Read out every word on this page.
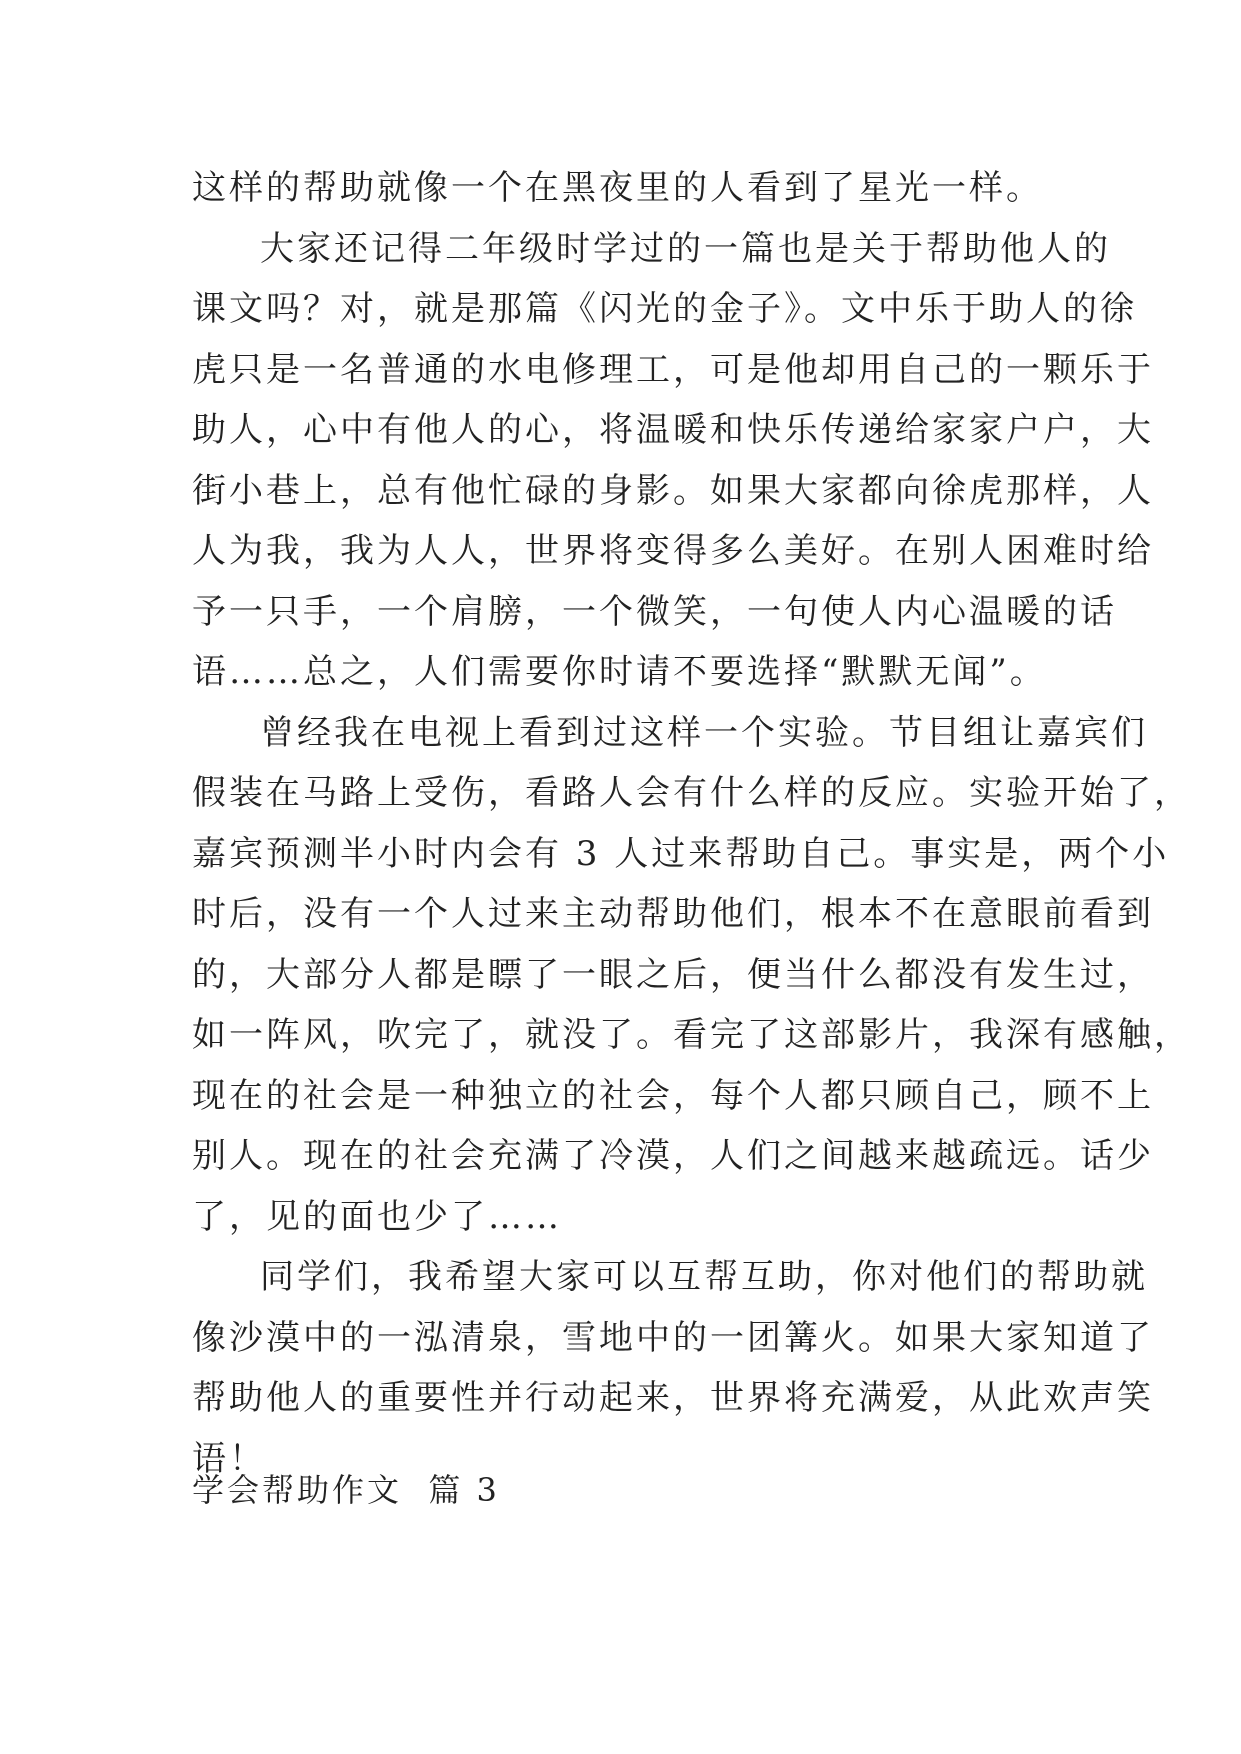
这样的帮助就像一个在黑夜里的人看到了星光一样。
大家还记得二年级时学过的一篇也是关于帮助他人的
课文吗？对，就是那篇《闪光的金子》。文中乐于助人的徐
虎只是一名普通的水电修理工，可是他却用自己的一颗乐于
助人，心中有他人的心，将温暖和快乐传递给家家户户，大
街小巷上，总有他忙碌的身影。如果大家都向徐虎那样，人
人为我，我为人人，世界将变得多么美好。在别人困难时给
予一只手，一个肩膀，一个微笑，一句使人内心温暖的话
语……总之，人们需要你时请不要选择“默默无闻”。
曾经我在电视上看到过这样一个实验。节目组让嘉宾们
假装在马路上受伤，看路人会有什么样的反应。实验开始了，
嘉宾预测半小时内会有 3 人过来帮助自己。事实是，两个小
时后，没有一个人过来主动帮助他们，根本不在意眼前看到
的，大部分人都是瞟了一眼之后，便当什么都没有发生过，
如一阵风，吹完了，就没了。看完了这部影片，我深有感触，
现在的社会是一种独立的社会，每个人都只顾自己，顾不上
别人。现在的社会充满了冷漠，人们之间越来越疏远。话少
了，见的面也少了……
同学们，我希望大家可以互帮互助，你对他们的帮助就
像沙漠中的一泓清泉，雪地中的一团篝火。如果大家知道了
帮助他人的重要性并行动起来，世界将充满爱，从此欢声笑
语！
学会帮助作文  篇 3
